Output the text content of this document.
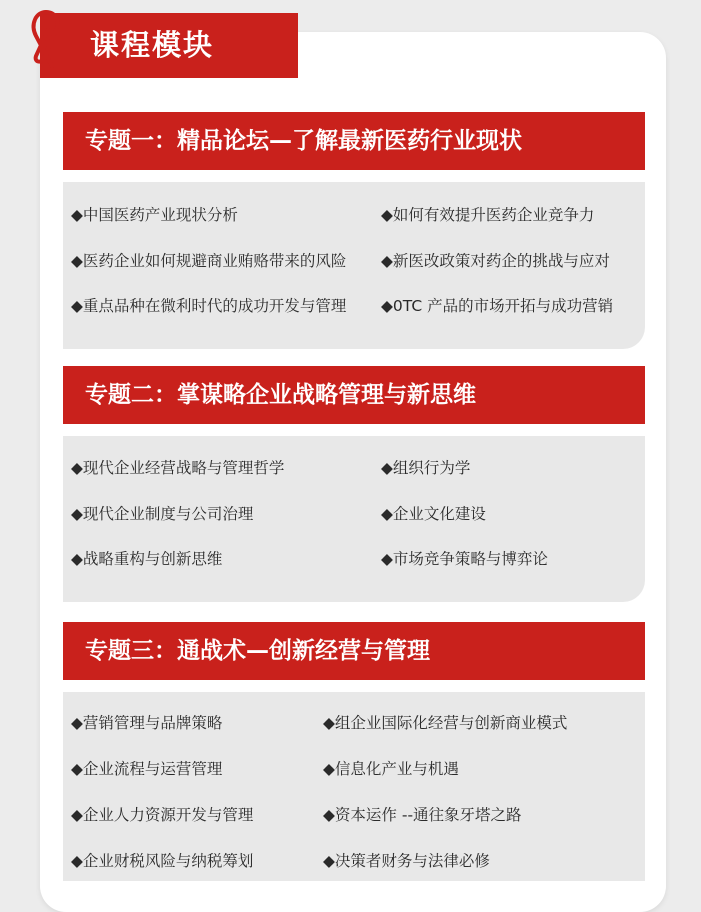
课程模块
专题一：精品论坛—了解最新医药行业现状
◆中国医药产业现状分析	◆如何有效提升医药企业竞争力
◆医药企业如何规避商业贿赂带来的风险 ◆新医改政策对药企的挑战与应对
◆重点品种在微利时代的成功开发与管理 ◆0TC 产品的市场开拓与成功营销
专题二：掌谋略企业战略管理与新思维
◆现代企业经营战略与管理哲学	◆组织行为学
◆现代企业制度与公司治理	◆企业文化建设
◆战略重构与创新思维	◆市场竞争策略与博弈论
专题三：通战术—创新经营与管理
◆营销管理与品牌策略	◆组企业国际化经营与创新商业模式
◆企业流程与运营管理	◆信息化产业与机遇
◆企业人力资源开发与管理	◆资本运作 --通往象牙塔之路
◆企业财税风险与纳税筹划	◆决策者财务与法律必修
